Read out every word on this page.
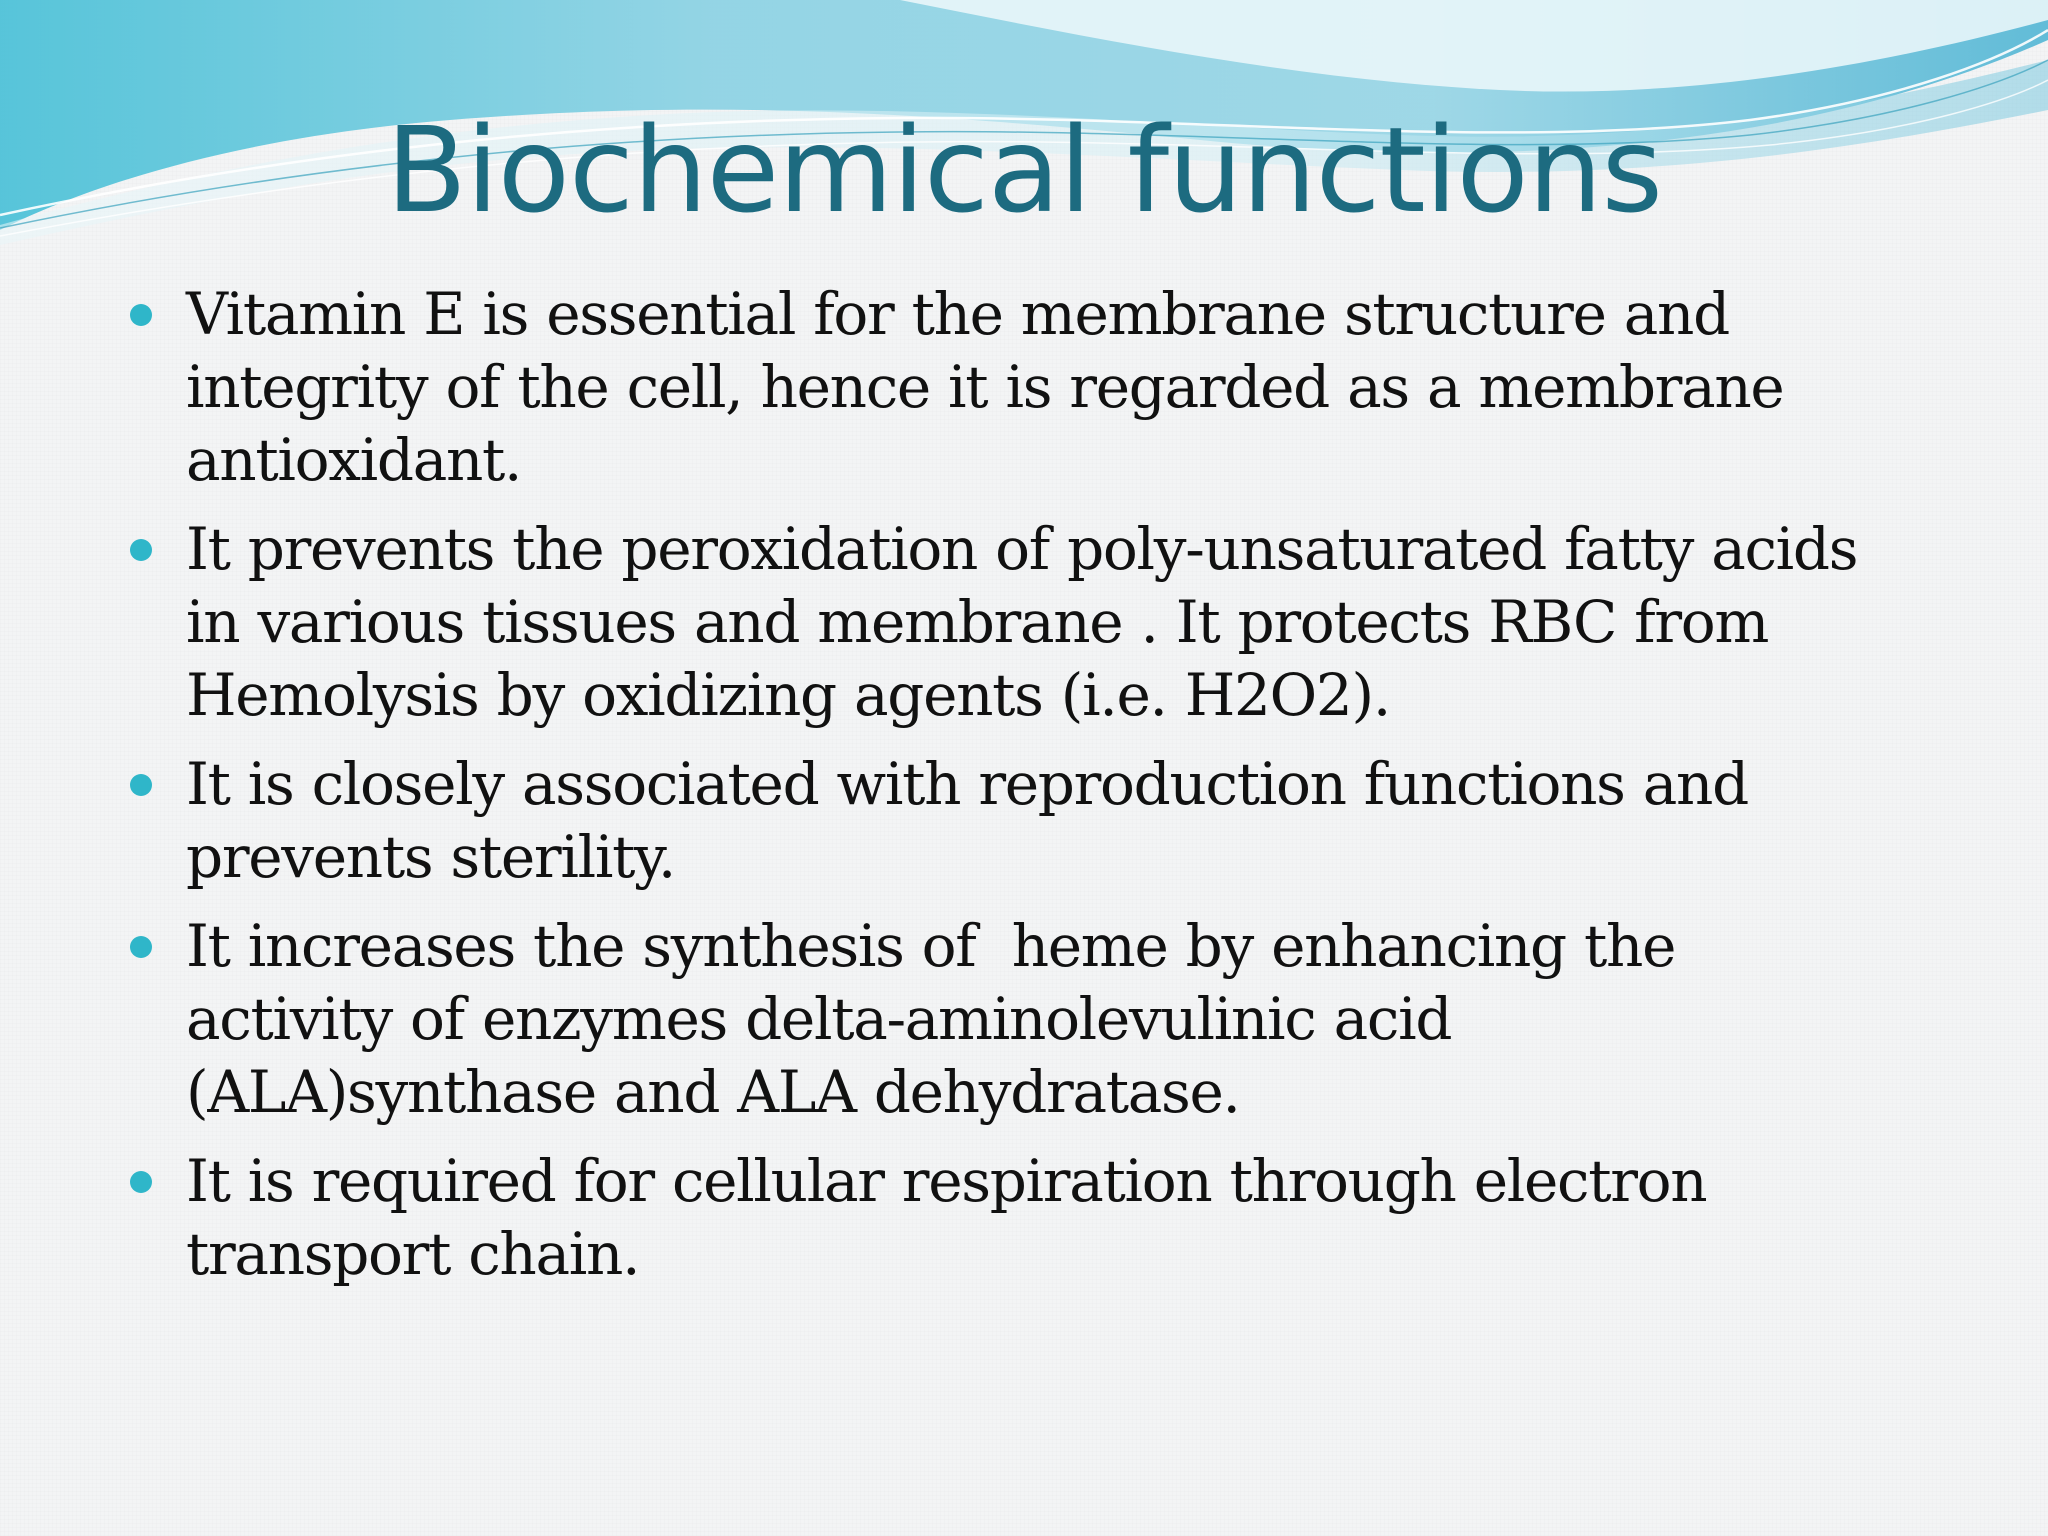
Biochemical functions
Vitamin E is essential for the membrane structure and
integrity of the cell, hence it is regarded as a membrane
antioxidant.
It prevents the peroxidation of poly-unsaturated fatty acids
in various tissues and membrane . It protects RBC from
Hemolysis by oxidizing agents (i.e. H2O2).
It is closely associated with reproduction functions and
prevents sterility.
It increases the synthesis of  heme by enhancing the
activity of enzymes delta-aminolevulinic acid
(ALA)synthase and ALA dehydratase.
It is required for cellular respiration through electron
transport chain.
